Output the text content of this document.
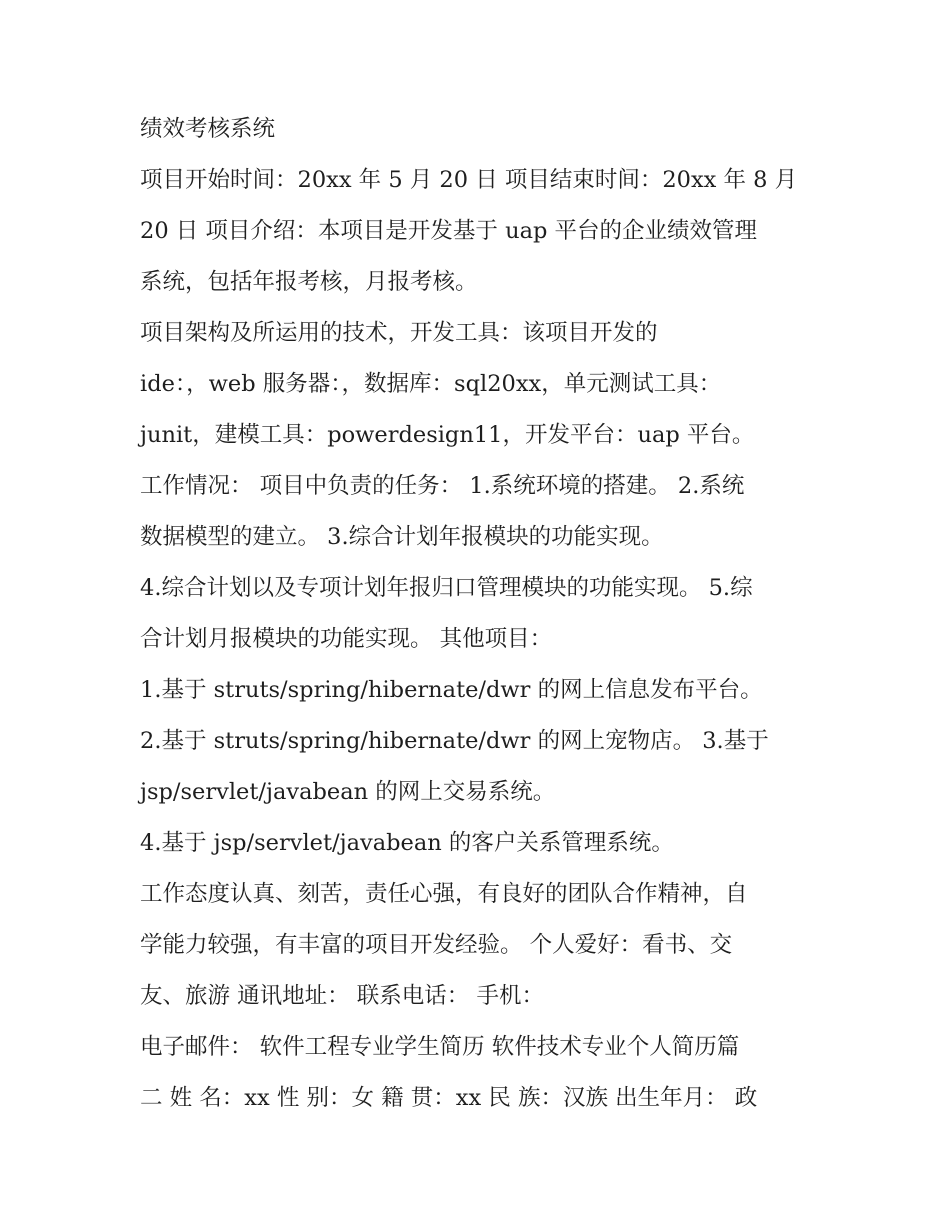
绩效考核系统
项目开始时间：20xx 年 5 月 20 日 项目结束时间：20xx 年 8 月
20 日 项目介绍：本项目是开发基于 uap 平台的企业绩效管理
系统，包括年报考核，月报考核。
项目架构及所运用的技术，开发工具：该项目开发的
ide：，web 服务器：，数据库：sql20xx，单元测试工具：
junit，建模工具：powerdesign11，开发平台：uap 平台。
工作情况： 项目中负责的任务： 1.系统环境的搭建。 2.系统
数据模型的建立。 3.综合计划年报模块的功能实现。
4.综合计划以及专项计划年报归口管理模块的功能实现。 5.综
合计划月报模块的功能实现。 其他项目：
1.基于 struts/spring/hibernate/dwr 的网上信息发布平台。
2.基于 struts/spring/hibernate/dwr 的网上宠物店。 3.基于
jsp/servlet/javabean 的网上交易系统。
4.基于 jsp/servlet/javabean 的客户关系管理系统。
工作态度认真、刻苦，责任心强，有良好的团队合作精神，自
学能力较强，有丰富的项目开发经验。 个人爱好：看书、交
友、旅游 通讯地址： 联系电话： 手机：
电子邮件： 软件工程专业学生简历 软件技术专业个人简历篇
二 姓 名：xx 性 别：女 籍 贯：xx 民 族：汉族 出生年月： 政
